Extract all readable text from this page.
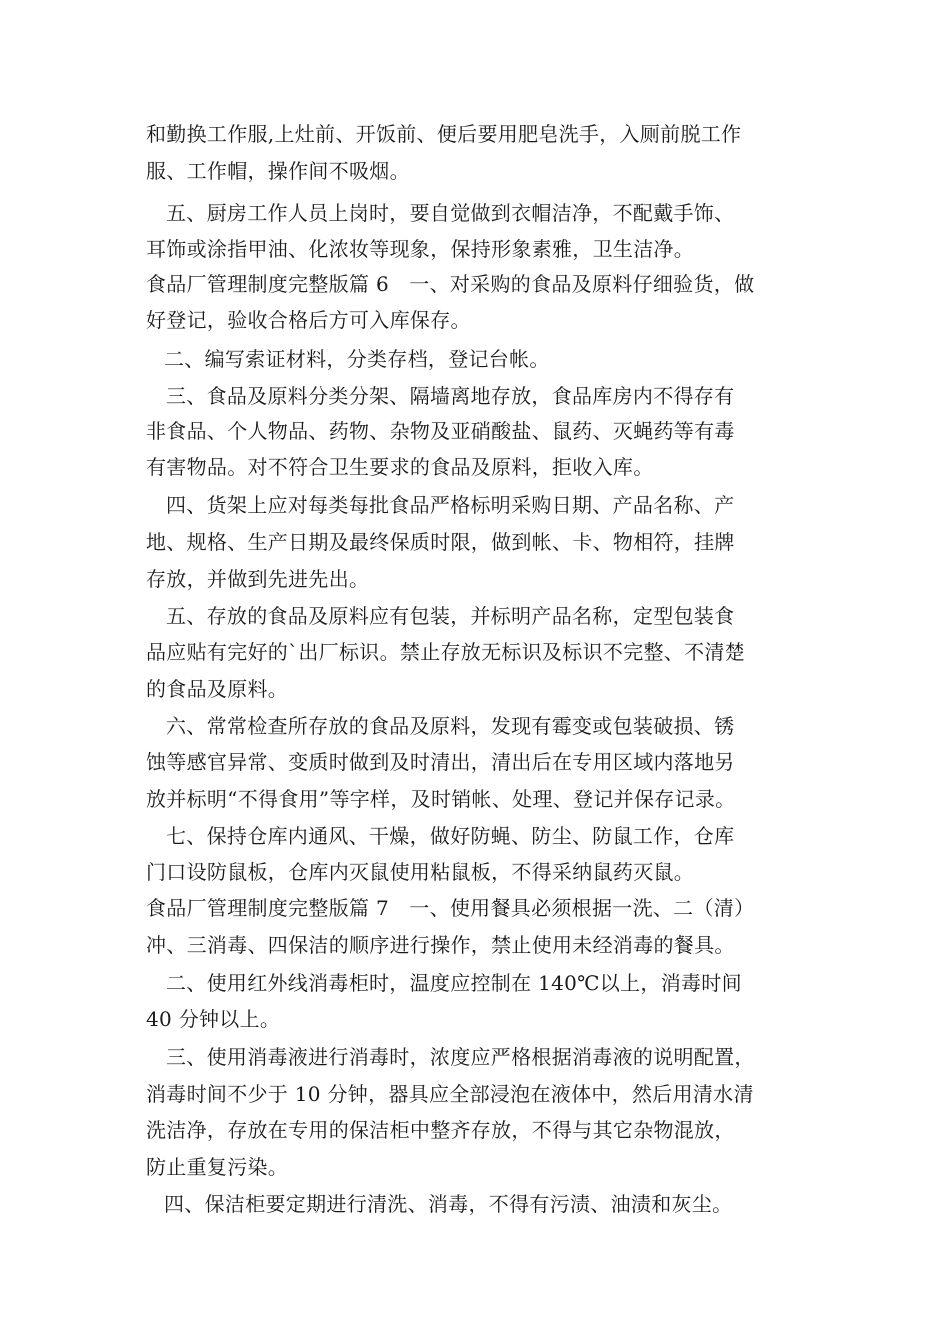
和勤换工作服,上灶前、开饭前、便后要用肥皂洗手，入厕前脱工作
服、工作帽，操作间不吸烟。
五、厨房工作人员上岗时，要自觉做到衣帽洁净，不配戴手饰、
耳饰或涂指甲油、化浓妆等现象，保持形象素雅，卫生洁净。
食品厂管理制度完整版篇 6　一、对采购的食品及原料仔细验货，做
好登记，验收合格后方可入库保存。
二、编写索证材料，分类存档，登记台帐。
三、食品及原料分类分架、隔墙离地存放，食品库房内不得存有
非食品、个人物品、药物、杂物及亚硝酸盐、鼠药、灭蝇药等有毒
有害物品。对不符合卫生要求的食品及原料，拒收入库。
四、货架上应对每类每批食品严格标明采购日期、产品名称、产
地、规格、生产日期及最终保质时限，做到帐、卡、物相符，挂牌
存放，并做到先进先出。
五、存放的食品及原料应有包装，并标明产品名称，定型包装食
品应贴有完好的`出厂标识。禁止存放无标识及标识不完整、不清楚
的食品及原料。
六、常常检查所存放的食品及原料，发现有霉变或包装破损、锈
蚀等感官异常、变质时做到及时清出，清出后在专用区域内落地另
放并标明“不得食用”等字样，及时销帐、处理、登记并保存记录。
七、保持仓库内通风、干燥，做好防蝇、防尘、防鼠工作，仓库
门口设防鼠板，仓库内灭鼠使用粘鼠板，不得采纳鼠药灭鼠。
食品厂管理制度完整版篇 7　一、使用餐具必须根据一洗、二（清）
冲、三消毒、四保洁的顺序进行操作，禁止使用未经消毒的餐具。
二、使用红外线消毒柜时，温度应控制在 140℃以上，消毒时间
40 分钟以上。
三、使用消毒液进行消毒时，浓度应严格根据消毒液的说明配置，
消毒时间不少于 10 分钟，器具应全部浸泡在液体中，然后用清水清
洗洁净，存放在专用的保洁柜中整齐存放，不得与其它杂物混放，
防止重复污染。
四、保洁柜要定期进行清洗、消毒，不得有污渍、油渍和灰尘。
